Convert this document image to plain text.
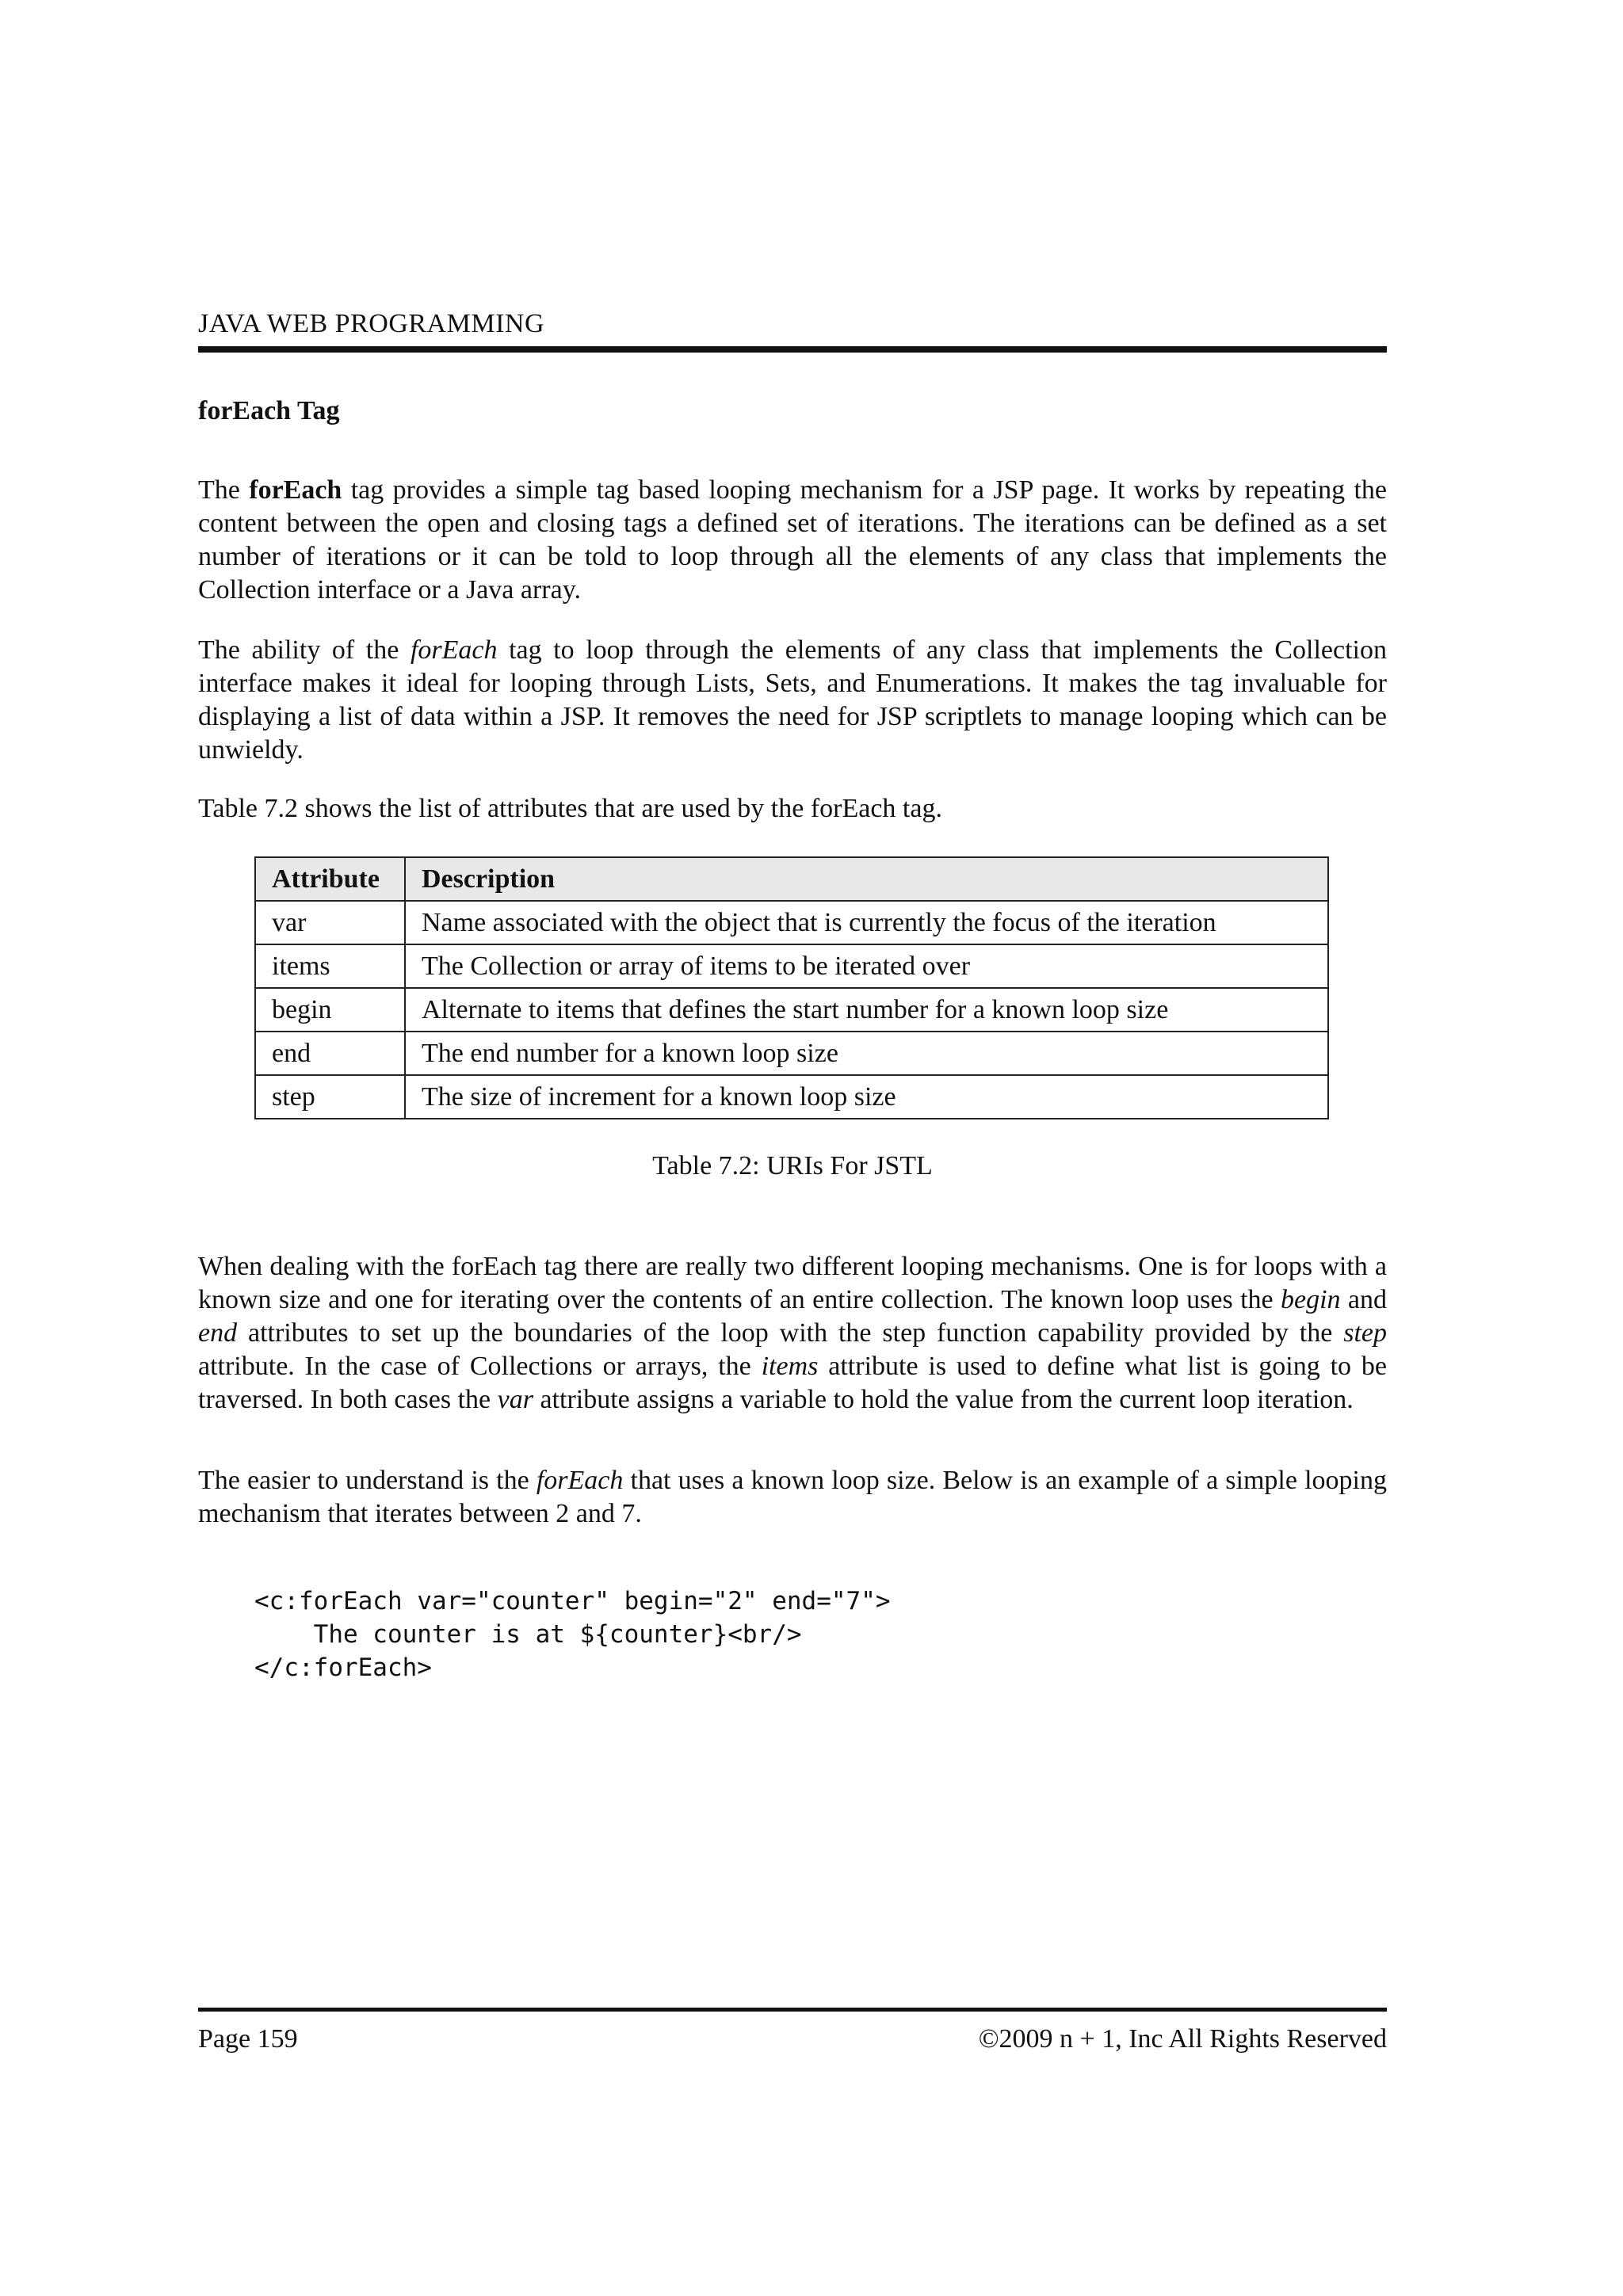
JAVA WEB PROGRAMMING
forEach Tag

The forEach tag provides a simple tag based looping mechanism for a JSP page. It works by repeating the content between the open and closing tags a defined set of iterations. The iterations can be defined as a set number of iterations or it can be told to loop through all the elements of any class that implements the Collection interface or a Java array.

The ability of the forEach tag to loop through the elements of any class that implements the Collection interface makes it ideal for looping through Lists, Sets, and Enumerations. It makes the tag invaluable for displaying a list of data within a JSP. It removes the need for JSP scriptlets to manage looping which can be unwieldy.

Table 7.2 shows the list of attributes that are used by the forEach tag.

Attribute	Description
var	Name associated with the object that is currently the focus of the iteration
items	The Collection or array of items to be iterated over
begin	Alternate to items that defines the start number for a known loop size
end	The end number for a known loop size
step	The size of increment for a known loop size
Table 7.2: URIs For JSTL

When dealing with the forEach tag there are really two different looping mechanisms. One is for loops with a known size and one for iterating over the contents of an entire collection. The known loop uses the begin and end attributes to set up the boundaries of the loop with the step function capability provided by the step attribute. In the case of Collections or arrays, the items attribute is used to define what list is going to be traversed. In both cases the var attribute assigns a variable to hold the value from the current loop iteration.

The easier to understand is the forEach that uses a known loop size. Below is an example of a simple looping mechanism that iterates between 2 and 7.

<c:forEach var="counter" begin="2" end="7">
The counter is at ${counter}<br/>
</c:forEach>
Page 159	©2009 n + 1, Inc All Rights Reserved
